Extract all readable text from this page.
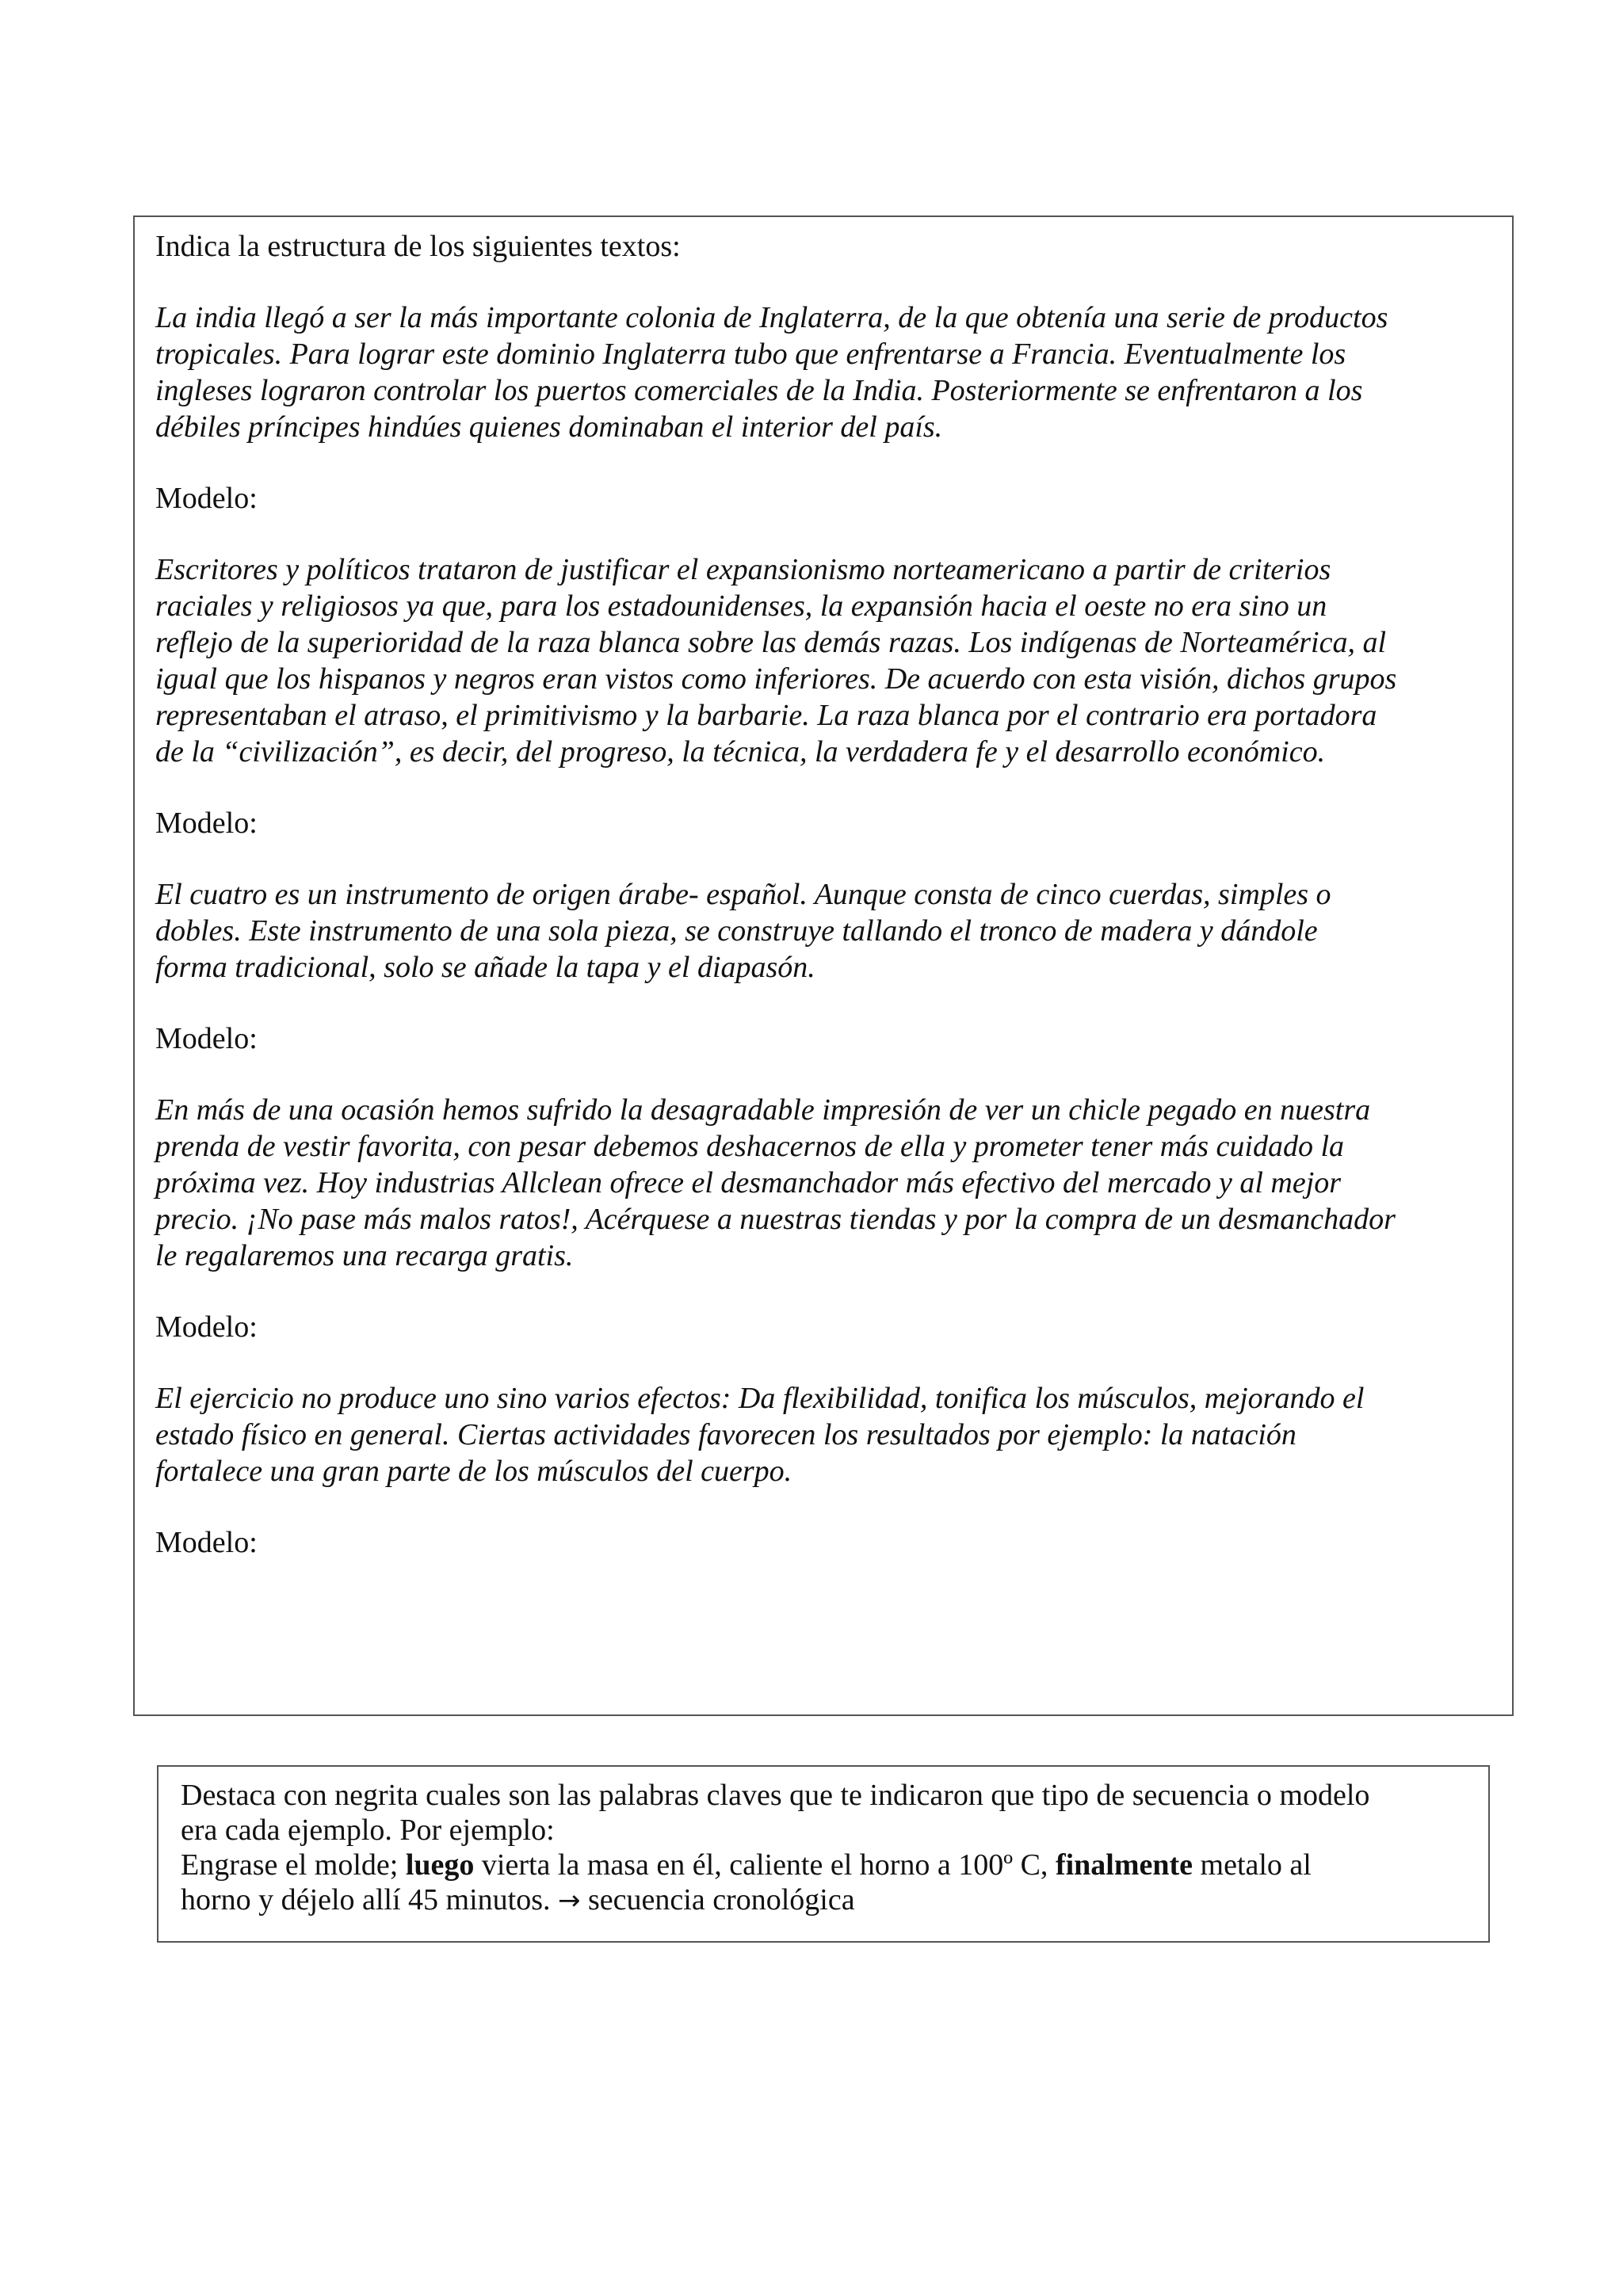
Indica la estructura de los siguientes textos:

La india llegó a ser la más importante colonia de Inglaterra, de la que obtenía una serie de productos
tropicales. Para lograr este dominio Inglaterra tubo que enfrentarse a Francia. Eventualmente los
ingleses lograron controlar los puertos comerciales de la India. Posteriormente se enfrentaron a los
débiles príncipes hindúes quienes dominaban el interior del país.

Modelo:

Escritores y políticos trataron de justificar el expansionismo norteamericano a partir de criterios
raciales y religiosos ya que, para los estadounidenses, la expansión hacia el oeste no era sino un
reflejo de la superioridad de la raza blanca sobre las demás razas. Los indígenas de Norteamérica, al
igual que los hispanos y negros eran vistos como inferiores. De acuerdo con esta visión, dichos grupos
representaban el atraso, el primitivismo y la barbarie. La raza blanca por el contrario era portadora
de la “civilización”, es decir, del progreso, la técnica, la verdadera fe y el desarrollo económico.

Modelo:

El cuatro es un instrumento de origen árabe- español. Aunque consta de cinco cuerdas, simples o
dobles. Este instrumento de una sola pieza, se construye tallando el tronco de madera y dándole
forma tradicional, solo se añade la tapa y el diapasón.

Modelo:

En más de una ocasión hemos sufrido la desagradable impresión de ver un chicle pegado en nuestra
prenda de vestir favorita, con pesar debemos deshacernos de ella y prometer tener más cuidado la
próxima vez. Hoy industrias Allclean ofrece el desmanchador más efectivo del mercado y al mejor
precio. ¡No pase más malos ratos!, Acérquese a nuestras tiendas y por la compra de un desmanchador
le regalaremos una recarga gratis.

Modelo:

El ejercicio no produce uno sino varios efectos: Da flexibilidad, tonifica los músculos, mejorando el
estado físico en general. Ciertas actividades favorecen los resultados por ejemplo: la natación
fortalece una gran parte de los músculos del cuerpo.

Modelo:

Destaca con negrita cuales son las palabras claves que te indicaron que tipo de secuencia o modelo

era cada ejemplo. Por ejemplo:

Engrase el molde; luego vierta la masa en él, caliente el horno a 100º C, finalmente metalo al

horno y déjelo allí 45 minutos. → secuencia cronológica
